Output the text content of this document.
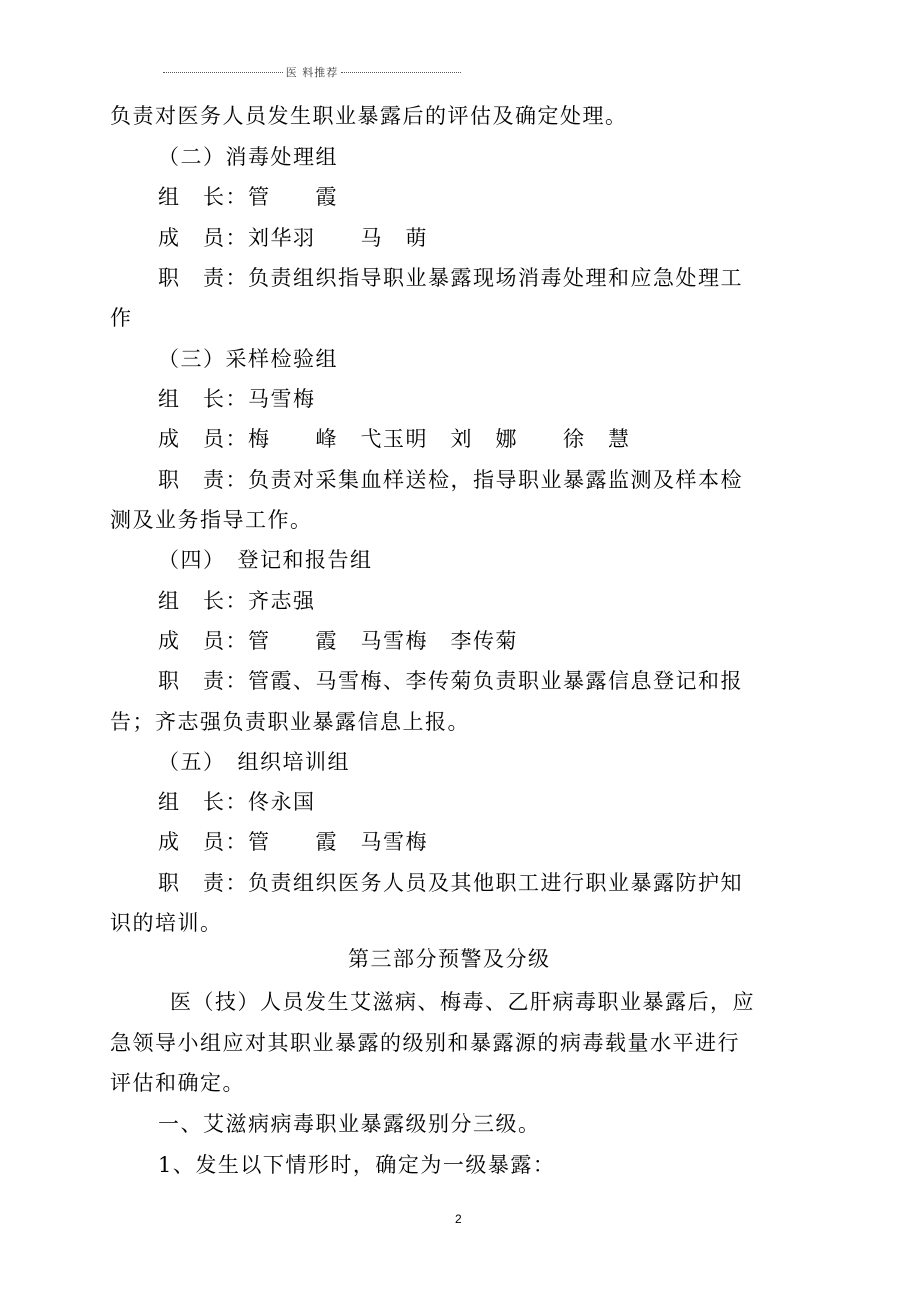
医 料推荐
负责对医务人员发生职业暴露后的评估及确定处理。
（二）消毒处理组
组　长：管　　霞
成　员：刘华羽　　马　萌
职　责：负责组织指导职业暴露现场消毒处理和应急处理工
作
（三）采样检验组
组　长：马雪梅
成　员：梅　　峰　弋玉明　刘　娜　　徐　慧
职　责：负责对采集血样送检，指导职业暴露监测及样本检
测及业务指导工作。
（四）　登记和报告组
组　长：齐志强
成　员：管　　霞　马雪梅　李传菊
职　责：管霞、马雪梅、李传菊负责职业暴露信息登记和报
告；齐志强负责职业暴露信息上报。
（五）　组织培训组
组　长：佟永国
成　员：管　　霞　马雪梅
职　责：负责组织医务人员及其他职工进行职业暴露防护知
识的培训。
第三部分预警及分级
医（技）人员发生艾滋病、梅毒、乙肝病毒职业暴露后，应
急领导小组应对其职业暴露的级别和暴露源的病毒载量水平进行
评估和确定。
一、艾滋病病毒职业暴露级别分三级。
1、发生以下情形时，确定为一级暴露：
2
